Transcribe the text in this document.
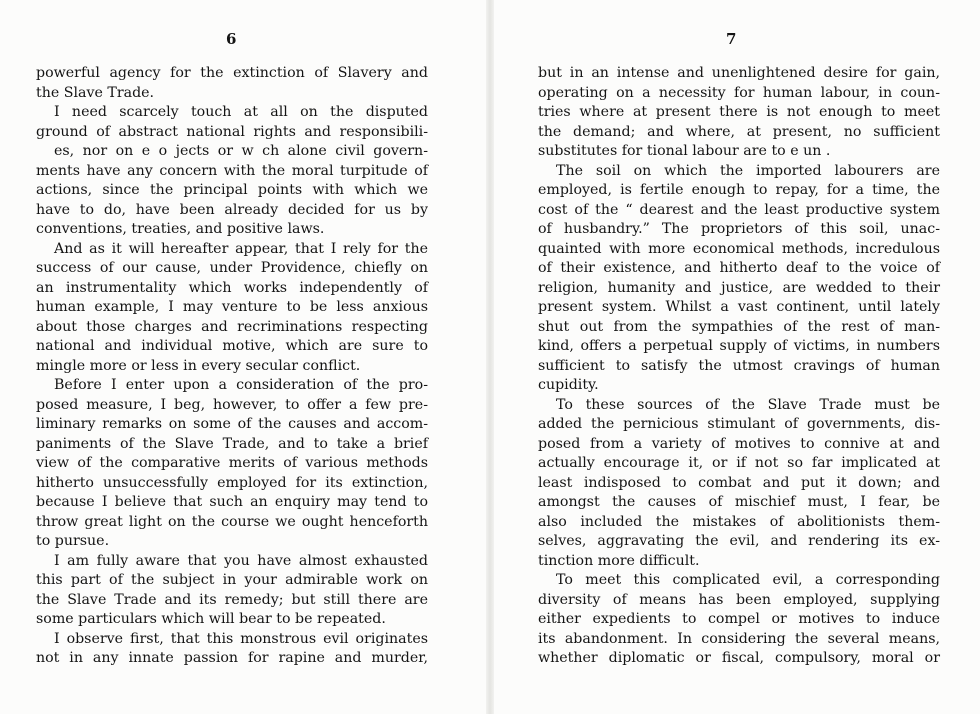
6
powerful agency for the extinction of Slavery and
the Slave Trade.
I need scarcely touch at all on the disputed
ground of abstract national rights and responsibili-
es, nor on e o jects or w ch alone civil govern-
ments have any concern with the moral turpitude of
actions, since the principal points with which we
have to do, have been already decided for us by
conventions, treaties, and positive laws.
And as it will hereafter appear, that I rely for the
success of our cause, under Providence, chiefly on
an instrumentality which works independently of
human example, I may venture to be less anxious
about those charges and recriminations respecting
national and individual motive, which are sure to
mingle more or less in every secular conflict.
Before I enter upon a consideration of the pro-
posed measure, I beg, however, to offer a few pre-
liminary remarks on some of the causes and accom-
paniments of the Slave Trade, and to take a brief
view of the comparative merits of various methods
hitherto unsuccessfully employed for its extinction,
because I believe that such an enquiry may tend to
throw great light on the course we ought henceforth
to pursue.
I am fully aware that you have almost exhausted
this part of the subject in your admirable work on
the Slave Trade and its remedy; but still there are
some particulars which will bear to be repeated.
I observe first, that this monstrous evil originates
not in any innate passion for rapine and murder,
7
but in an intense and unenlightened desire for gain,
operating on a necessity for human labour, in coun-
tries where at present there is not enough to meet
the demand; and where, at present, no sufficient
substitutes for tional labour are to e un .
The soil on which the imported labourers are
employed, is fertile enough to repay, for a time, the
cost of the “ dearest and the least productive system
of husbandry.” The proprietors of this soil, unac-
quainted with more economical methods, incredulous
of their existence, and hitherto deaf to the voice of
religion, humanity and justice, are wedded to their
present system. Whilst a vast continent, until lately
shut out from the sympathies of the rest of man-
kind, offers a perpetual supply of victims, in numbers
sufficient to satisfy the utmost cravings of human
cupidity.
To these sources of the Slave Trade must be
added the pernicious stimulant of governments, dis-
posed from a variety of motives to connive at and
actually encourage it, or if not so far implicated at
least indisposed to combat and put it down; and
amongst the causes of mischief must, I fear, be
also included the mistakes of abolitionists them-
selves, aggravating the evil, and rendering its ex-
tinction more difficult.
To meet this complicated evil, a corresponding
diversity of means has been employed, supplying
either expedients to compel or motives to induce
its abandonment. In considering the several means,
whether diplomatic or fiscal, compulsory, moral or
